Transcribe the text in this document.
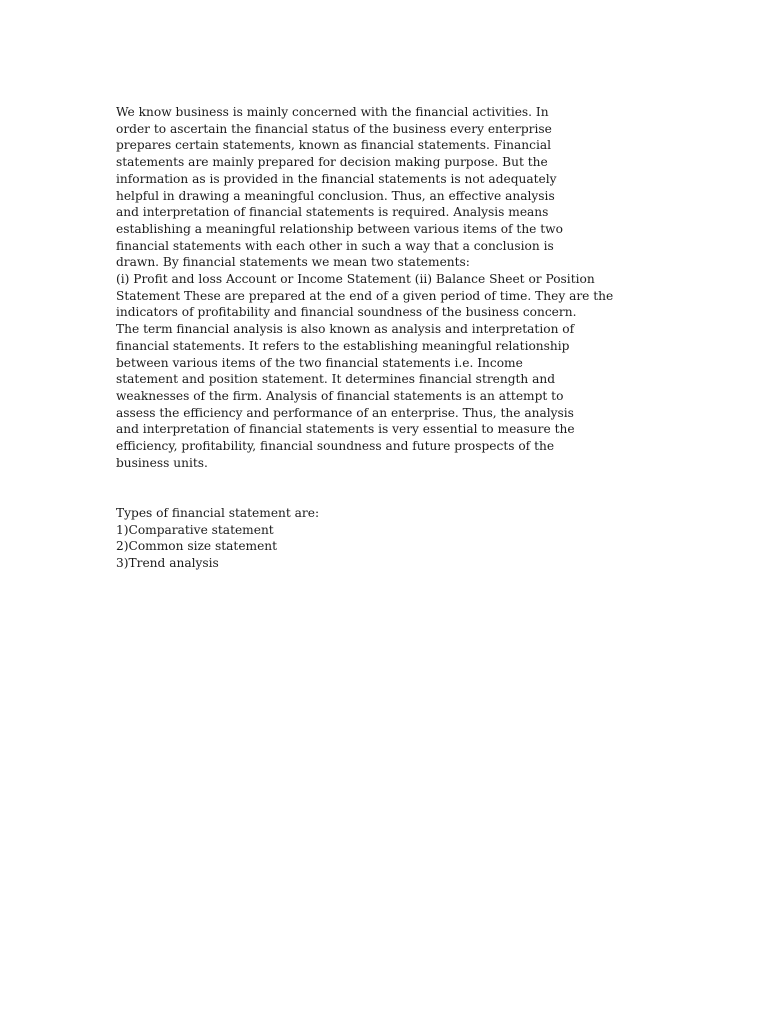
We know business is mainly concerned with the financial activities. In
order to ascertain the financial status of the business every enterprise
prepares certain statements, known as financial statements. Financial
statements are mainly prepared for decision making purpose. But the
information as is provided in the financial statements is not adequately
helpful in drawing a meaningful conclusion. Thus, an effective analysis
and interpretation of financial statements is required. Analysis means
establishing a meaningful relationship between various items of the two
financial statements with each other in such a way that a conclusion is
drawn. By financial statements we mean two statements:
(i) Profit and loss Account or Income Statement (ii) Balance Sheet or Position
Statement These are prepared at the end of a given period of time. They are the
indicators of profitability and financial soundness of the business concern.
The term financial analysis is also known as analysis and interpretation of
financial statements. It refers to the establishing meaningful relationship
between various items of the two financial statements i.e. Income
statement and position statement. It determines financial strength and
weaknesses of the firm. Analysis of financial statements is an attempt to
assess the efficiency and performance of an enterprise. Thus, the analysis
and interpretation of financial statements is very essential to measure the
efficiency, profitability, financial soundness and future prospects of the
business units.
Types of financial statement are:
1)Comparative statement
2)Common size statement
3)Trend analysis
